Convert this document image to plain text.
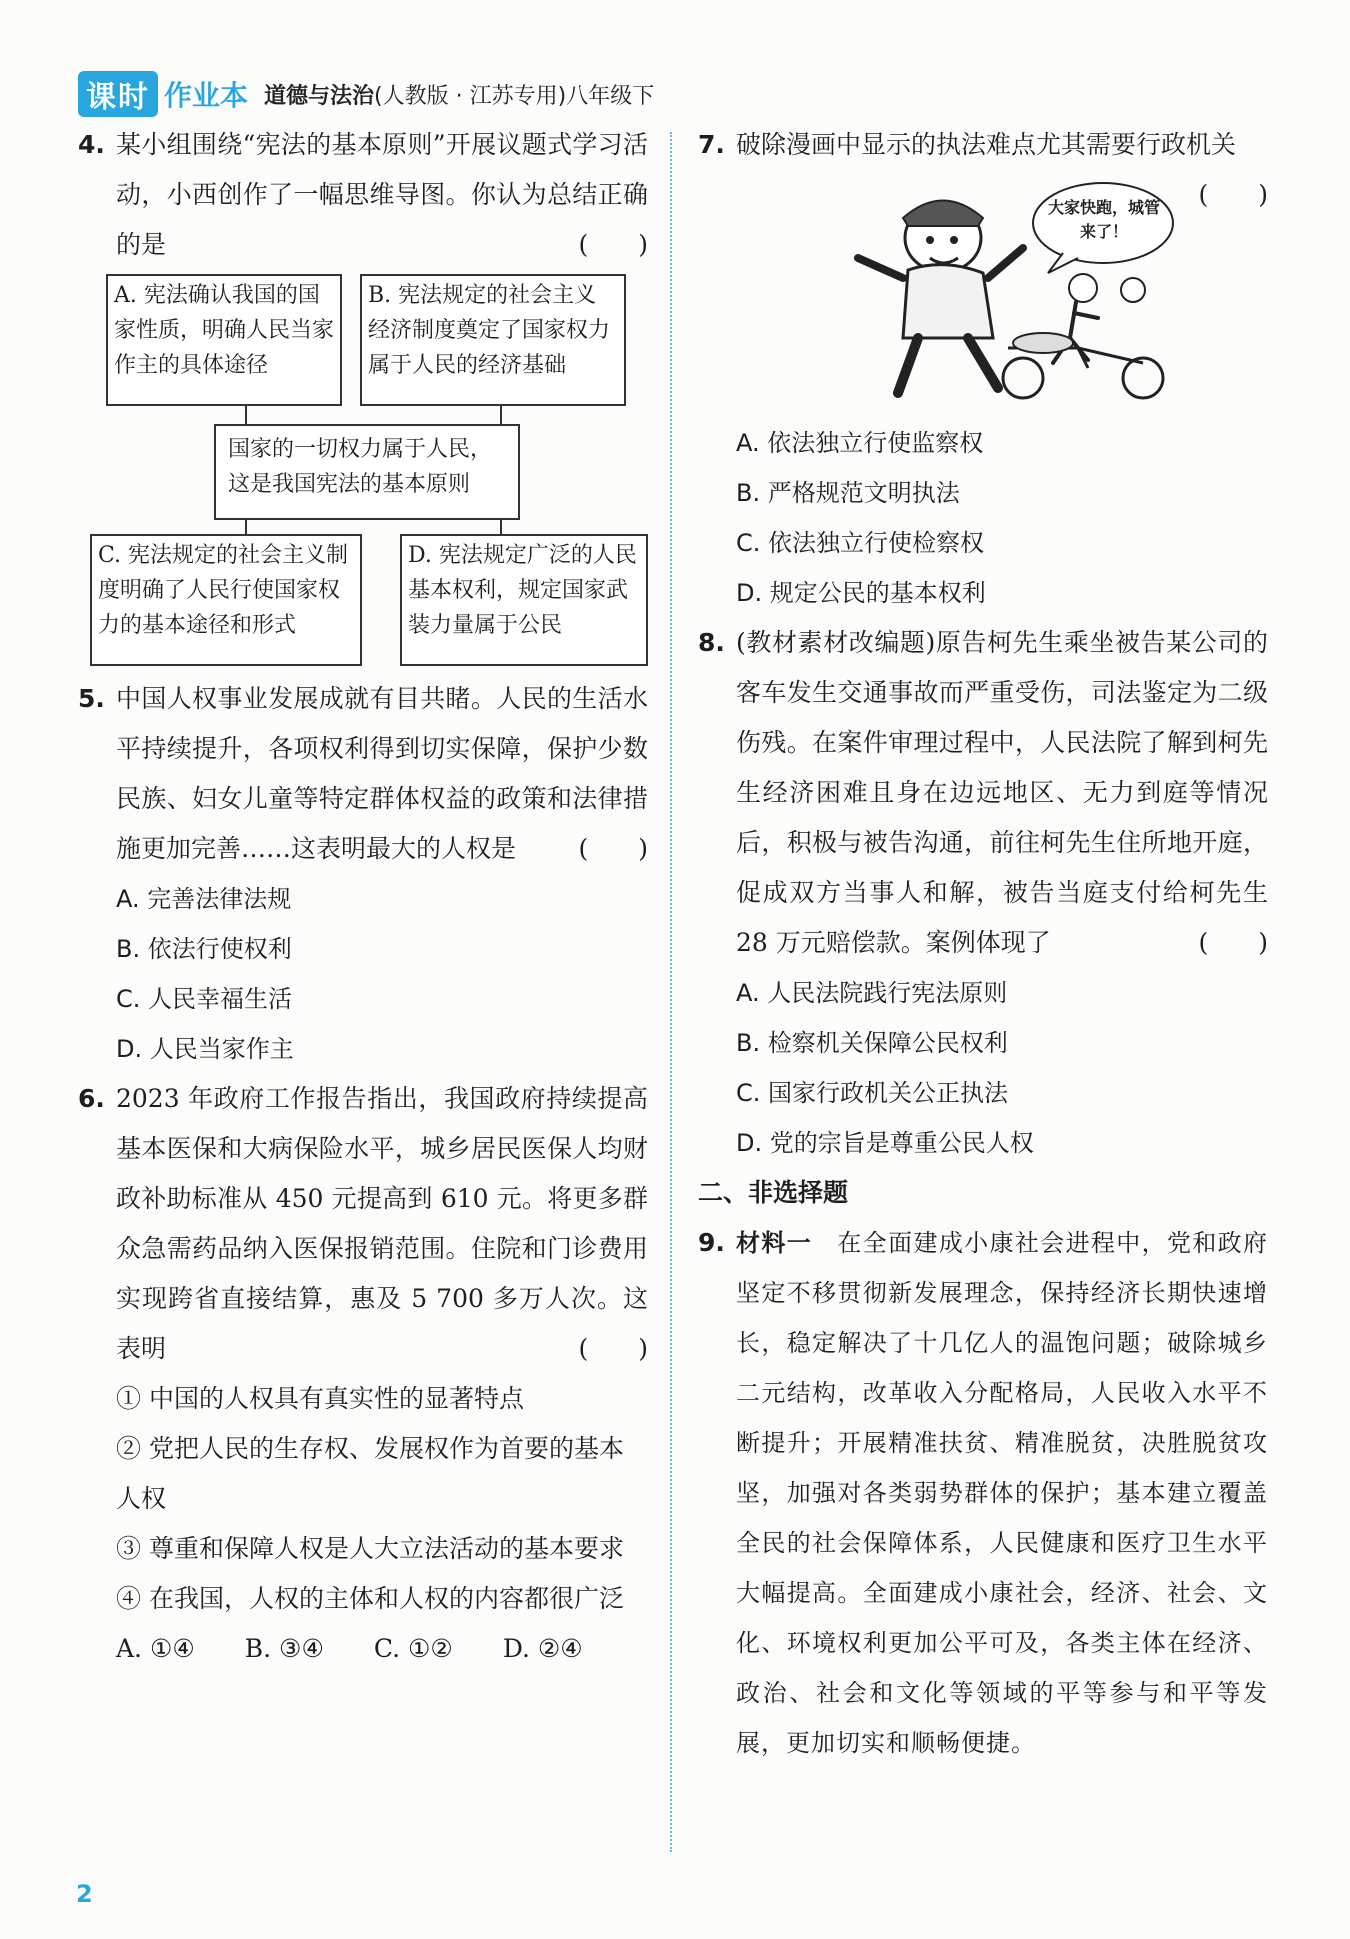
课时 作业本 道德与法治(人教版 · 江苏专用)八年级下
4. 某小组围绕“宪法的基本原则”开展议题式学习活动，小西创作了一幅思维导图。你认为总结正确的是	(　　)

A. 宪法确认我国的国家性质，明确人民当家作主的具体途径
B. 宪法规定的社会主义经济制度奠定了国家权力属于人民的经济基础
国家的一切权力属于人民，这是我国宪法的基本原则
C. 宪法规定的社会主义制度明确了人民行使国家权力的基本途径和形式
D. 宪法规定广泛的人民基本权利，规定国家武装力量属于公民
5. 中国人权事业发展成就有目共睹。人民的生活水平持续提升，各项权利得到切实保障，保护少数民族、妇女儿童等特定群体权益的政策和法律措施更加完善……这表明最大的人权是 (　　)

A. 完善法律法规

B. 依法行使权利

C. 人民幸福生活

D. 人民当家作主

6. 2023 年政府工作报告指出，我国政府持续提高基本医保和大病保险水平，城乡居民医保人均财政补助标准从 450 元提高到 610 元。将更多群众急需药品纳入医保报销范围。住院和门诊费用实现跨省直接结算，惠及 5 700 多万人次。这表明	(　　)

① 中国的人权具有真实性的显著特点

② 党把人民的生存权、发展权作为首要的基本人权

③ 尊重和保障人权是人大立法活动的基本要求

④ 在我国，人权的主体和人权的内容都很广泛

A. ①④　　B. ③④　　C. ①②　　D. ②④

7. 破除漫画中显示的执法难点尤其需要行政机关
(　　)

大家快跑，城管来了！

A. 依法独立行使监察权

B. 严格规范文明执法

C. 依法独立行使检察权

D. 规定公民的基本权利

8. (教材素材改编题)原告柯先生乘坐被告某公司的客车发生交通事故而严重受伤，司法鉴定为二级伤残。在案件审理过程中，人民法院了解到柯先生经济困难且身在边远地区、无力到庭等情况后，积极与被告沟通，前往柯先生住所地开庭，促成双方当事人和解，被告当庭支付给柯先生 28 万元赔偿款。案例体现了	(　　)

A. 人民法院践行宪法原则

B. 检察机关保障公民权利

C. 国家行政机关公正执法

D. 党的宗旨是尊重公民人权

二、非选择题

9. 材料一　 在全面建成小康社会进程中，党和政府坚定不移贯彻新发展理念，保持经济长期快速增长，稳定解决了十几亿人的温饱问题；破除城乡二元结构，改革收入分配格局，人民收入水平不断提升；开展精准扶贫、精准脱贫，决胜脱贫攻坚，加强对各类弱势群体的保护；基本建立覆盖全民的社会保障体系，人民健康和医疗卫生水平大幅提高。全面建成小康社会，经济、社会、文化、环境权利更加公平可及，各类主体在经济、政治、社会和文化等领域的平等参与和平等发展，更加切实和顺畅便捷。

2
